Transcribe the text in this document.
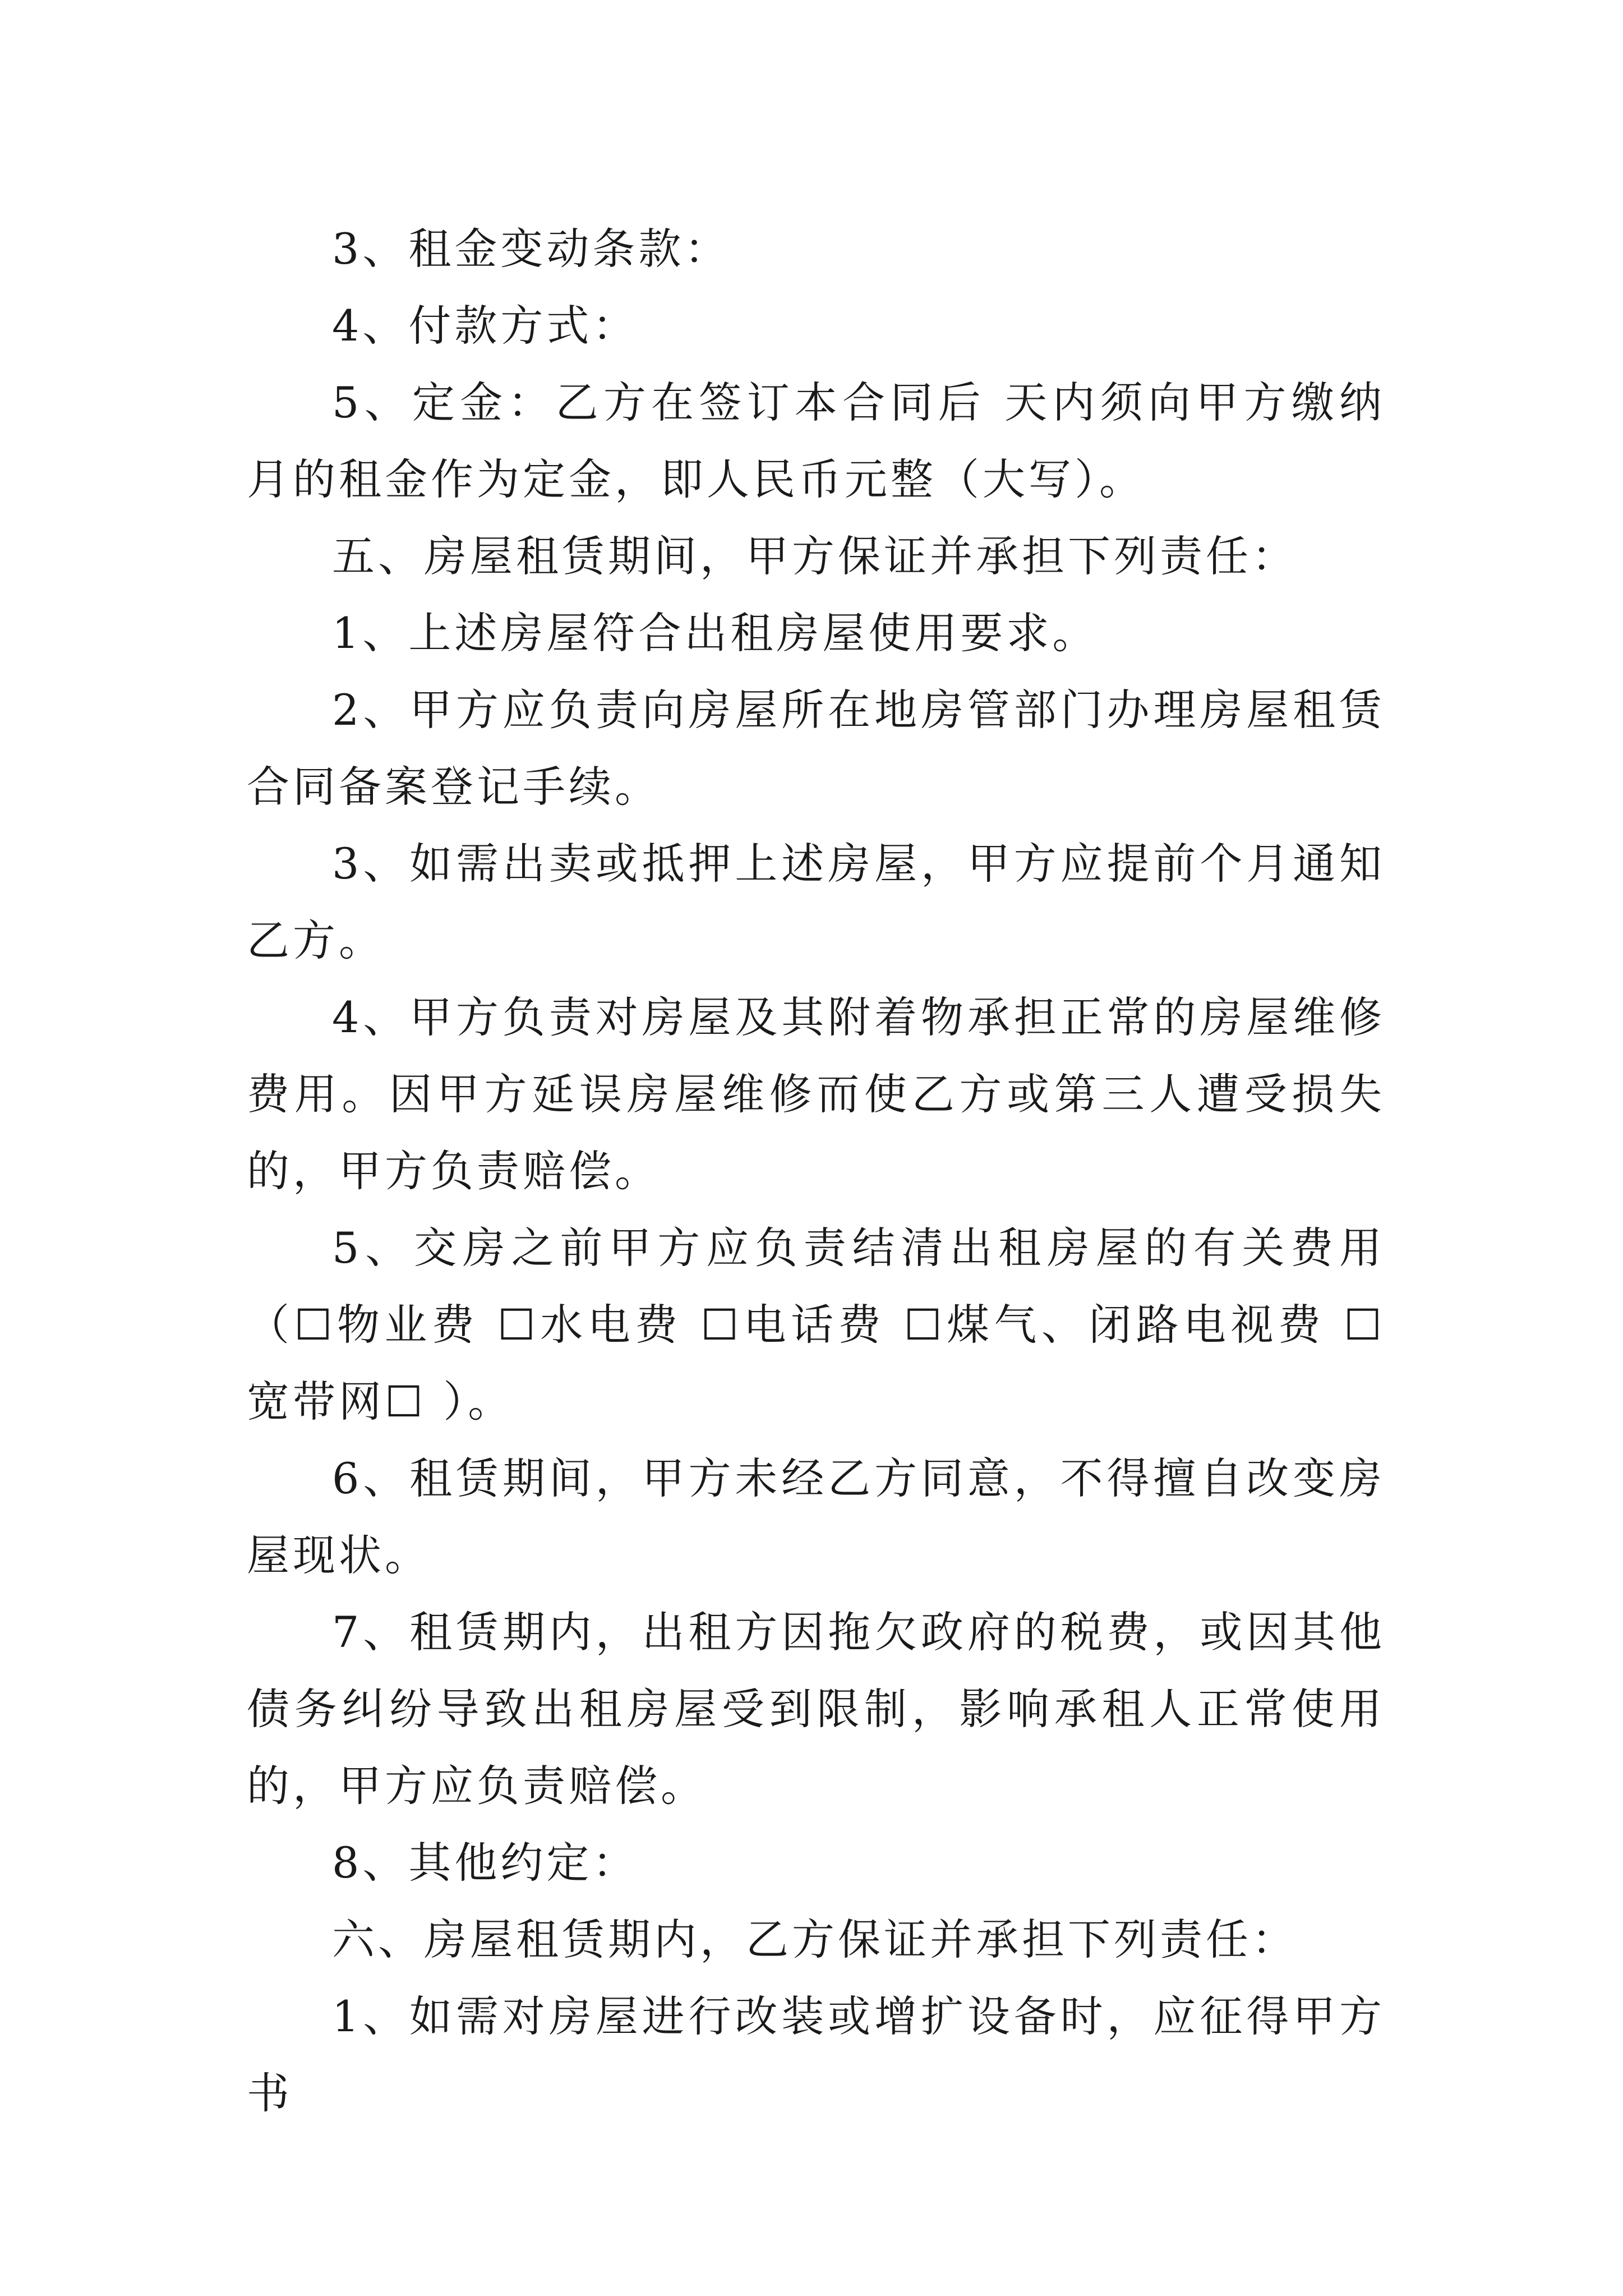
3、租金变动条款：

4、付款方式：

5、定金：乙方在签订本合同后 天内须向甲方缴纳 月的租金作为定金，即人民币元整（大写）。

五、房屋租赁期间，甲方保证并承担下列责任：

1、上述房屋符合出租房屋使用要求。

2、甲方应负责向房屋所在地房管部门办理房屋租赁合同备案登记手续。

3、如需出卖或抵押上述房屋，甲方应提前个月通知乙方。

4、甲方负责对房屋及其附着物承担正常的房屋维修费用。因甲方延误房屋维修而使乙方或第三人遭受损失的，甲方负责赔偿。

5、交房之前甲方应负责结清出租房屋的有关费用（☐物业费 ☐水电费 ☐电话费 ☐煤气、闭路电视费 ☐宽带网☐ ）。

6、租赁期间，甲方未经乙方同意，不得擅自改变房屋现状。

7、租赁期内，出租方因拖欠政府的税费，或因其他债务纠纷导致出租房屋受到限制，影响承租人正常使用的，甲方应负责赔偿。

8、其他约定：

六、房屋租赁期内，乙方保证并承担下列责任：

1、如需对房屋进行改装或增扩设备时，应征得甲方书
